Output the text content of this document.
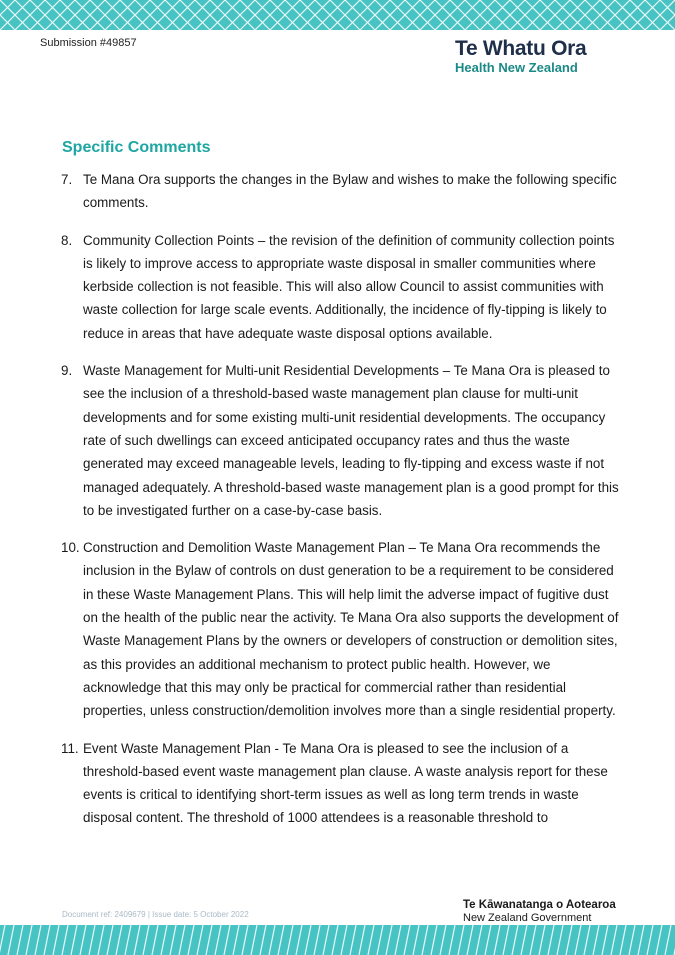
Submission #49857	Te Whatu Ora
Health New Zealand
Specific Comments
7. Te Mana Ora supports the changes in the Bylaw and wishes to make the following specific comments.
8. Community Collection Points – the revision of the definition of community collection points is likely to improve access to appropriate waste disposal in smaller communities where kerbside collection is not feasible. This will also allow Council to assist communities with waste collection for large scale events. Additionally, the incidence of fly-tipping is likely to reduce in areas that have adequate waste disposal options available.
9. Waste Management for Multi-unit Residential Developments – Te Mana Ora is pleased to see the inclusion of a threshold-based waste management plan clause for multi-unit developments and for some existing multi-unit residential developments. The occupancy rate of such dwellings can exceed anticipated occupancy rates and thus the waste generated may exceed manageable levels, leading to fly-tipping and excess waste if not managed adequately. A threshold-based waste management plan is a good prompt for this to be investigated further on a case-by-case basis.
10. Construction and Demolition Waste Management Plan – Te Mana Ora recommends the inclusion in the Bylaw of controls on dust generation to be a requirement to be considered in these Waste Management Plans. This will help limit the adverse impact of fugitive dust on the health of the public near the activity. Te Mana Ora also supports the development of Waste Management Plans by the owners or developers of construction or demolition sites, as this provides an additional mechanism to protect public health. However, we acknowledge that this may only be practical for commercial rather than residential properties, unless construction/demolition involves more than a single residential property.
11. Event Waste Management Plan - Te Mana Ora is pleased to see the inclusion of a threshold-based event waste management plan clause. A waste analysis report for these events is critical to identifying short-term issues as well as long term trends in waste disposal content. The threshold of 1000 attendees is a reasonable threshold to
Document ref: 2409679 | Issue date: 5 October 2022
Te Kāwanatanga o Aotearoa
New Zealand Government
